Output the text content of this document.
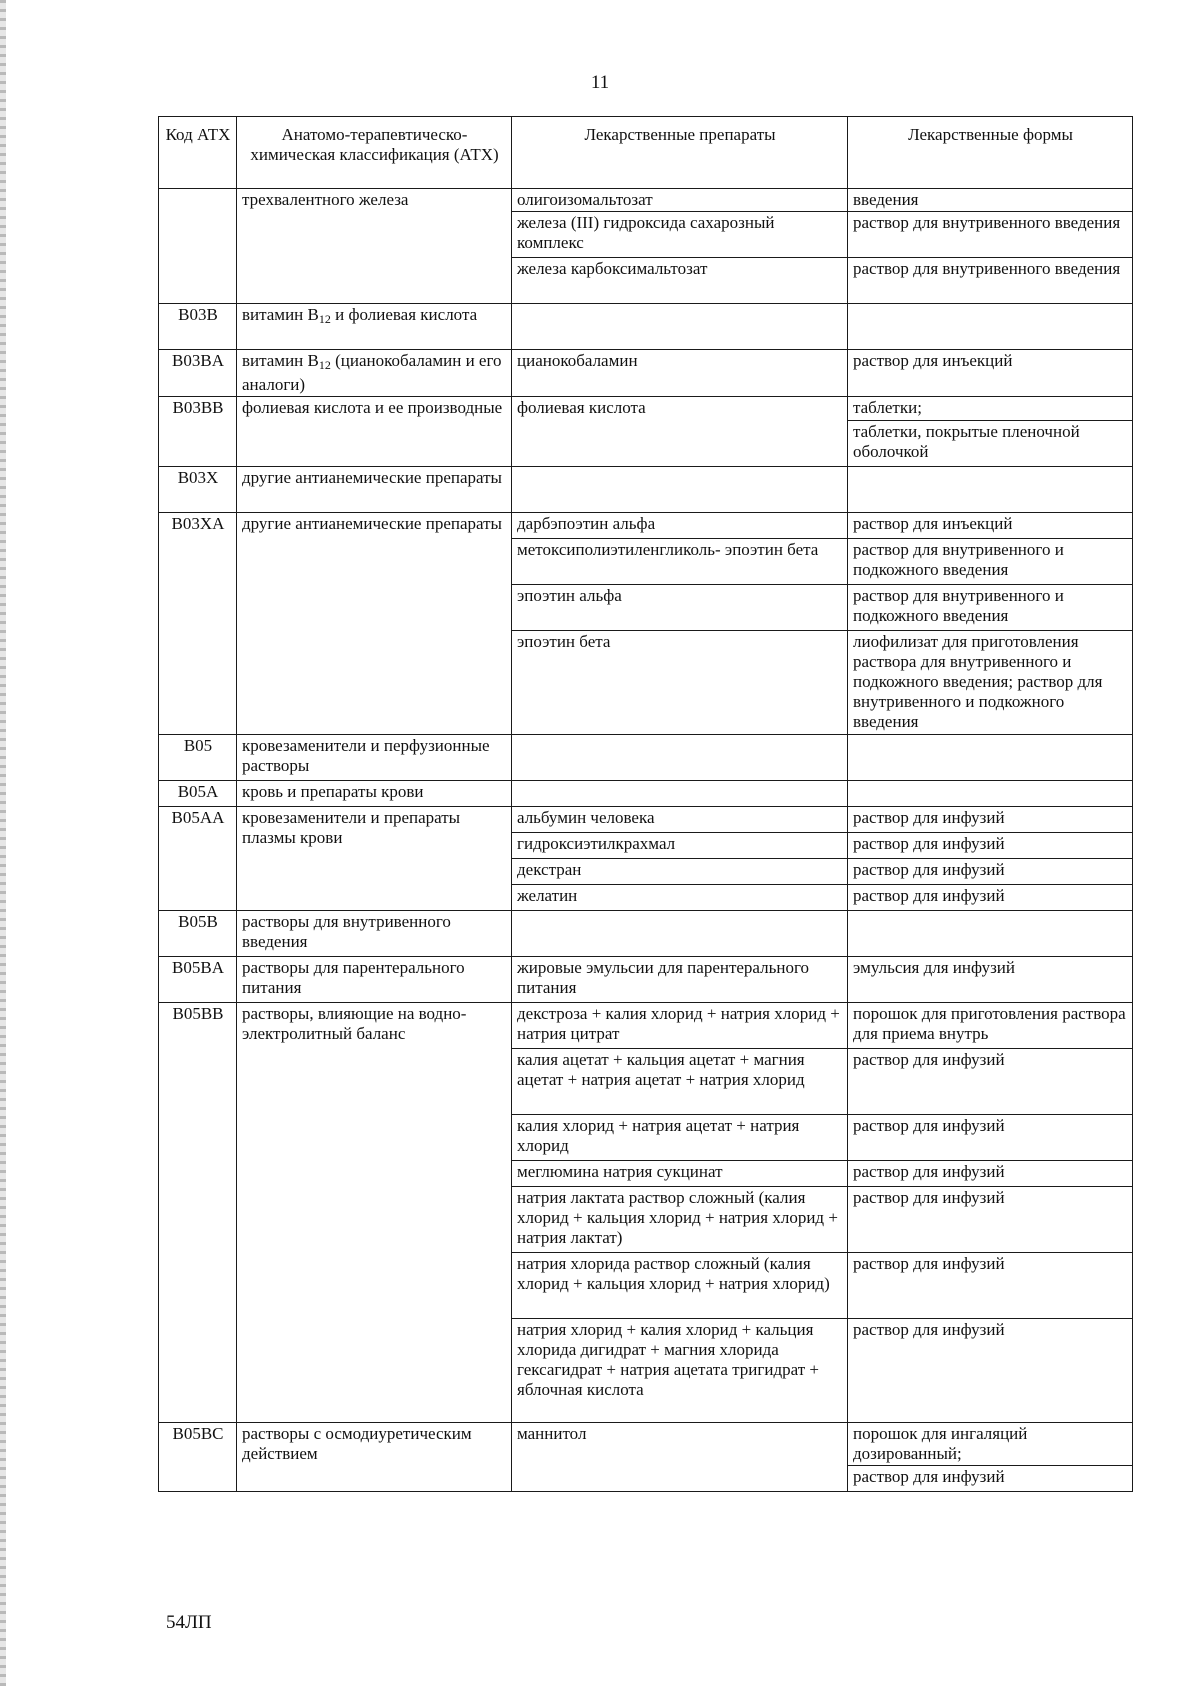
11
Код АТХ	Анатомо-терапевтическо-химическая классификация (АТХ)	Лекарственные препараты	Лекарственные формы
	трехвалентного железа	олигоизомальтозат	введения
		железа (III) гидроксида сахарозный комплекс	раствор для внутривенного введения
		железа карбоксимальтозат	раствор для внутривенного введения
B03B	витамин $B_{12}$ и фолиевая кислота		
B03BA	витамин $B_{12}$ (цианокобаламин и его аналоги)	цианокобаламин	раствор для инъекций
B03BB	фолиевая кислота и ее производные	фолиевая кислота	таблетки;
			таблетки, покрытые пленочной оболочкой
B03X	другие антианемические препараты		
B03XA	другие антианемические препараты	дарбэпоэтин альфа	раствор для инъекций
		метоксиполиэтиленгликоль- эпоэтин бета	раствор для внутривенного и подкожного введения
		эпоэтин альфа	раствор для внутривенного и подкожного введения
		эпоэтин бета	лиофилизат для приготовления раствора для внутривенного и подкожного введения; раствор для внутривенного и подкожного введения
B05	кровезаменители и перфузионные растворы		
B05A	кровь и препараты крови		
B05AA	кровезаменители и препараты плазмы крови	альбумин человека	раствор для инфузий
		гидроксиэтилкрахмал	раствор для инфузий
		декстран	раствор для инфузий
		желатин	раствор для инфузий
B05B	растворы для внутривенного введения		
B05BA	растворы для парентерального питания	жировые эмульсии для парентерального питания	эмульсия для инфузий
B05BB	растворы, влияющие на водно-электролитный баланс	декстроза + калия хлорид + натрия хлорид + натрия цитрат	порошок для приготовления раствора для приема внутрь
		калия ацетат + кальция ацетат + магния ацетат + натрия ацетат + натрия хлорид	раствор для инфузий
		калия хлорид + натрия ацетат + натрия хлорид	раствор для инфузий
		меглюмина натрия сукцинат	раствор для инфузий
		натрия лактата раствор сложный (калия хлорид + кальция хлорид + натрия хлорид + натрия лактат)	раствор для инфузий
		натрия хлорида раствор сложный (калия хлорид + кальция хлорид + натрия хлорид)	раствор для инфузий
		натрия хлорид + калия хлорид + кальция хлорида дигидрат + магния хлорида гексагидрат + натрия ацетата тригидрат + яблочная кислота	раствор для инфузий
B05BC	растворы с осмодиуретическим действием	маннитол	порошок для ингаляций дозированный;
			раствор для инфузий
54ЛП
